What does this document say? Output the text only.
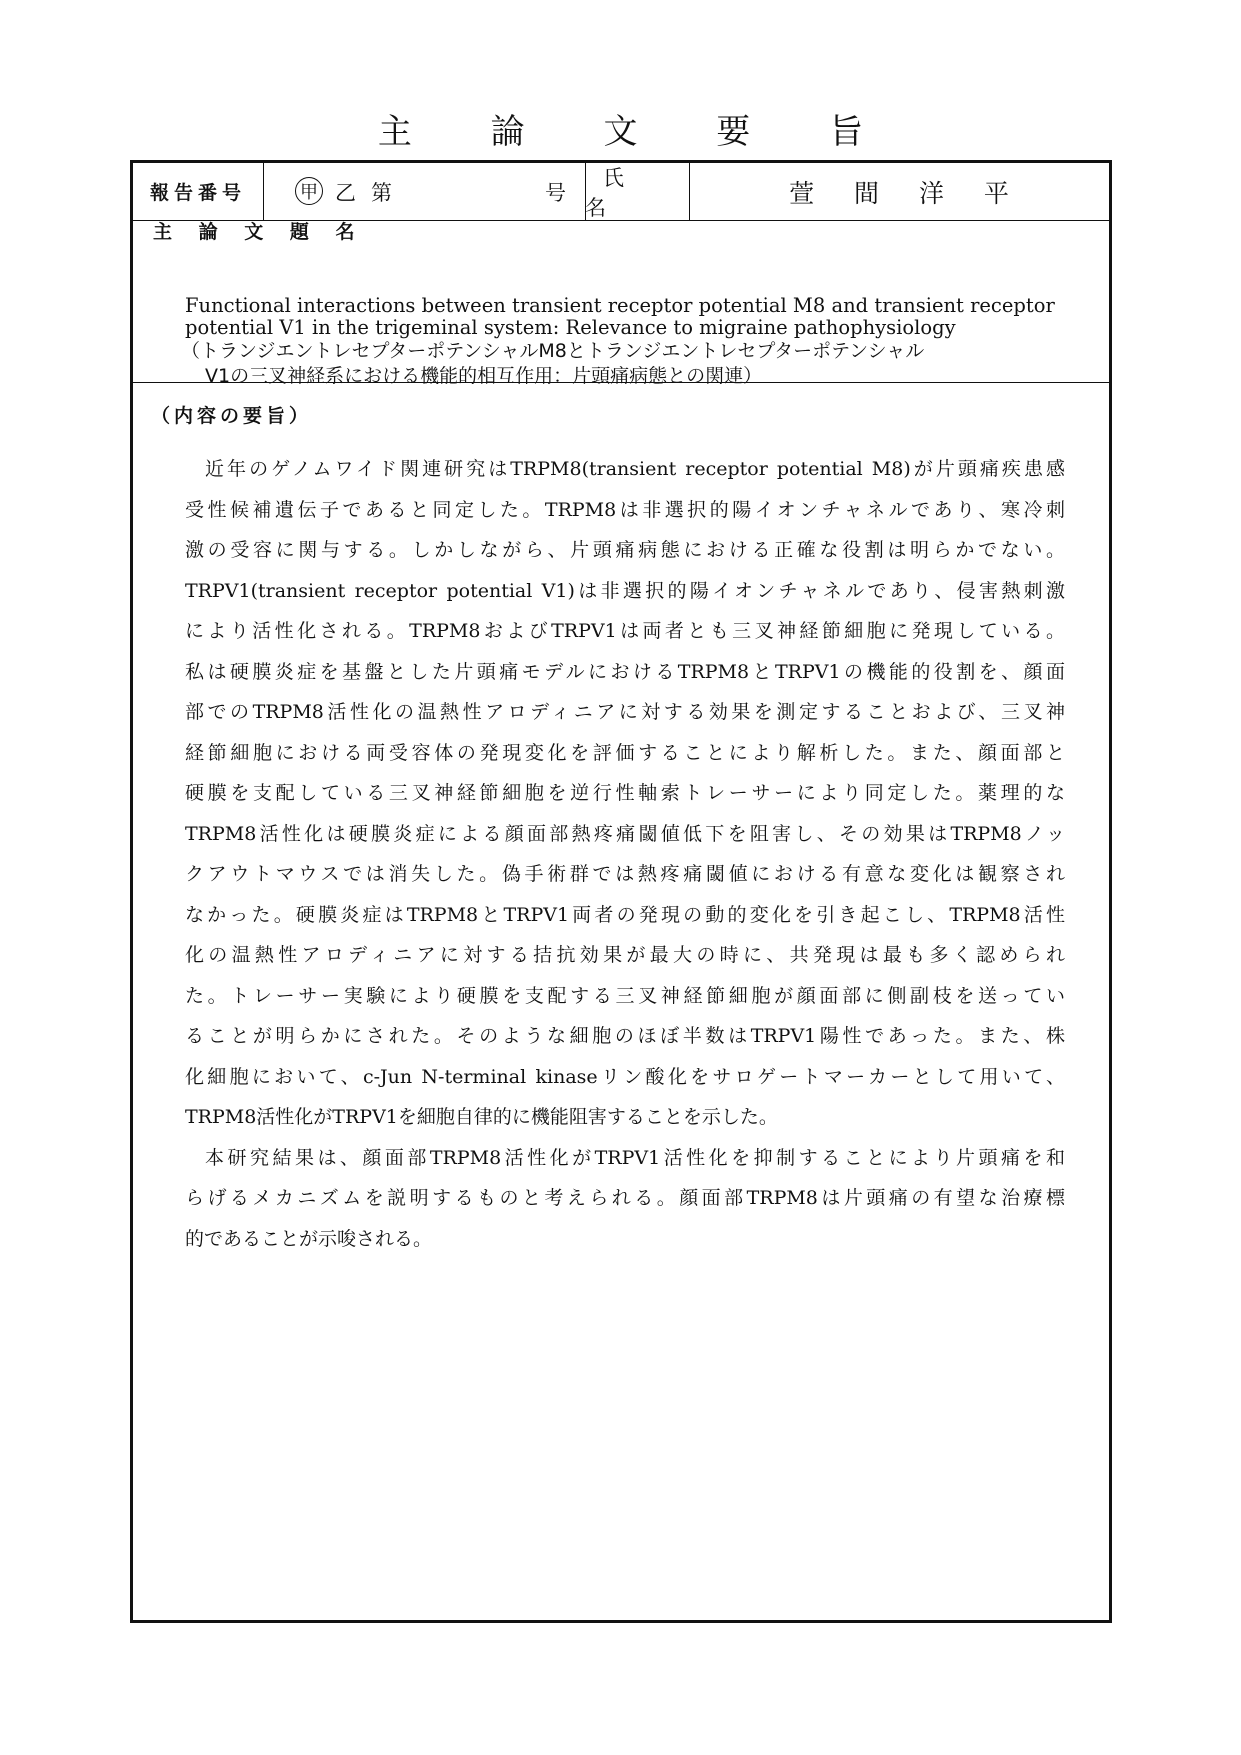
主 論 文 要 旨
報告番号	甲 乙 第	号
氏 名	萱 間 洋 平
主 論 文 題 名
Functional interactions between transient receptor potential M8 and transient receptor
potential V1 in the trigeminal system: Relevance to migraine pathophysiology
（トランジエントレセプターポテンシャルM8とトランジエントレセプターポテンシャル
V1の三叉神経系における機能的相互作用：片頭痛病態との関連）
（内容の要旨）
近年のゲノムワイド関連研究はTRPM8(transient receptor potential M8)が片頭痛疾患感
受性候補遺伝子であると同定した。TRPM8は非選択的陽イオンチャネルであり、寒冷刺
激の受容に関与する。しかしながら、片頭痛病態における正確な役割は明らかでない。
TRPV1(transient receptor potential V1)は非選択的陽イオンチャネルであり、侵害熱刺激
により活性化される。TRPM8およびTRPV1は両者とも三叉神経節細胞に発現している。
私は硬膜炎症を基盤とした片頭痛モデルにおけるTRPM8とTRPV1の機能的役割を、顔面
部でのTRPM8活性化の温熱性アロディニアに対する効果を測定することおよび、三叉神
経節細胞における両受容体の発現変化を評価することにより解析した。また、顔面部と
硬膜を支配している三叉神経節細胞を逆行性軸索トレーサーにより同定した。薬理的な
TRPM8活性化は硬膜炎症による顔面部熱疼痛閾値低下を阻害し、その効果はTRPM8ノッ
クアウトマウスでは消失した。偽手術群では熱疼痛閾値における有意な変化は観察され
なかった。硬膜炎症はTRPM8とTRPV1両者の発現の動的変化を引き起こし、TRPM8活性
化の温熱性アロディニアに対する拮抗効果が最大の時に、共発現は最も多く認められ
た。トレーサー実験により硬膜を支配する三叉神経節細胞が顔面部に側副枝を送ってい
ることが明らかにされた。そのような細胞のほぼ半数はTRPV1陽性であった。また、株
化細胞において、c-Jun N-terminal kinaseリン酸化をサロゲートマーカーとして用いて、
TRPM8活性化がTRPV1を細胞自律的に機能阻害することを示した。
本研究結果は、顔面部TRPM8活性化がTRPV1活性化を抑制することにより片頭痛を和
らげるメカニズムを説明するものと考えられる。顔面部TRPM8は片頭痛の有望な治療標
的であることが示唆される。
